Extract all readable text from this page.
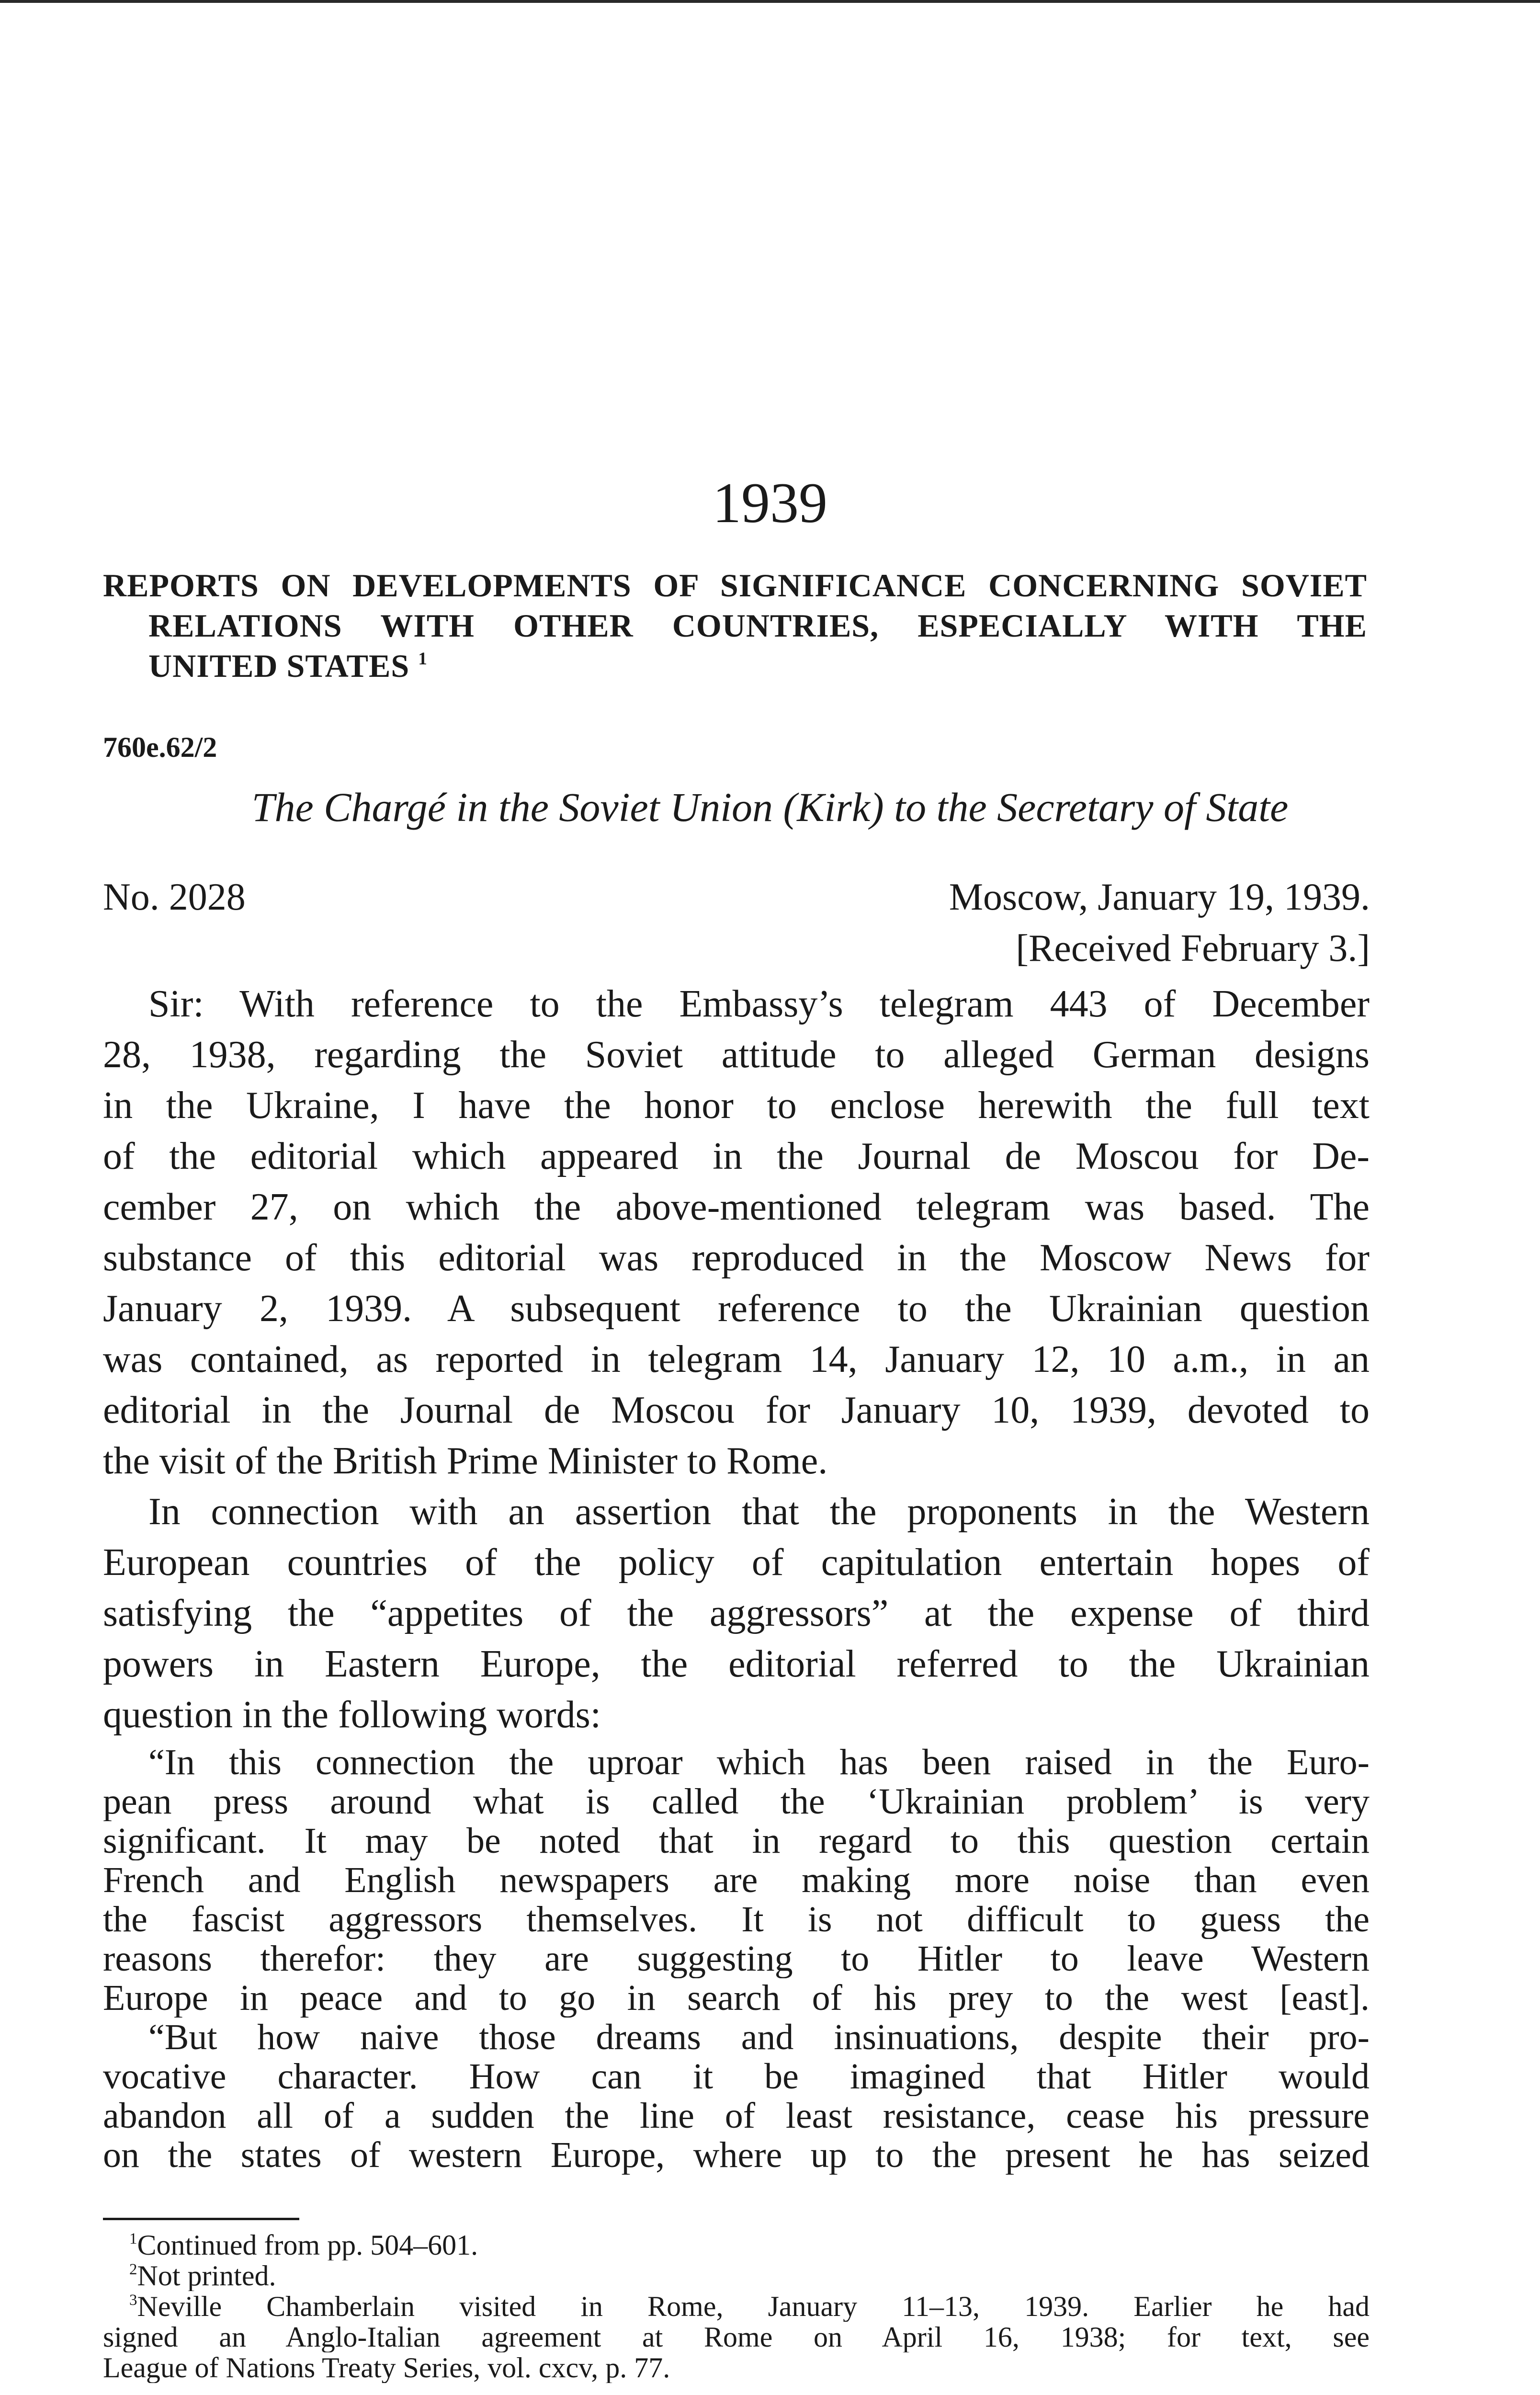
1939
REPORTS ON DEVELOPMENTS OF SIGNIFICANCE CONCERNING SOVIET
RELATIONS WITH OTHER COUNTRIES, ESPECIALLY WITH THE
UNITED STATES $^1$
760e.62/2
The Chargé in the Soviet Union (Kirk) to the Secretary of State
No. 2028	Moscow, January 19, 1939.
[Received February 3.]
Sir: With reference to the Embassy’s telegram 443 of December
28, 1938, regarding the Soviet attitude to alleged German designs
in the Ukraine, I have the honor to enclose herewith the full text
of the editorial which appeared in the Journal de Moscou for De-
cember 27, on which the above-mentioned telegram was based. The
substance of this editorial was reproduced in the Moscow News for
January 2, 1939. A subsequent reference to the Ukrainian question
was contained, as reported in telegram 14, January 12, 10 a.m., in an
editorial in the Journal de Moscou for January 10, 1939, devoted to
the visit of the British Prime Minister to Rome.
In connection with an assertion that the proponents in the Western
European countries of the policy of capitulation entertain hopes of
satisfying the “appetites of the aggressors” at the expense of third
powers in Eastern Europe, the editorial referred to the Ukrainian
question in the following words:
“In this connection the uproar which has been raised in the Euro-
pean press around what is called the ‘Ukrainian problem’ is very
significant. It may be noted that in regard to this question certain
French and English newspapers are making more noise than even
the fascist aggressors themselves. It is not difficult to guess the
reasons therefor: they are suggesting to Hitler to leave Western
Europe in peace and to go in search of his prey to the west [east].
“But how naive those dreams and insinuations, despite their pro-
vocative character. How can it be imagined that Hitler would
abandon all of a sudden the line of least resistance, cease his pressure
on the states of western Europe, where up to the present he has seized
$^1$Continued from pp. 504–601.
$^2$Not printed.
$^3$Neville Chamberlain visited in Rome, January 11–13, 1939. Earlier he had
signed an Anglo-Italian agreement at Rome on April 16, 1938; for text, see
League of Nations Treaty Series, vol. cxcv, p. 77.
